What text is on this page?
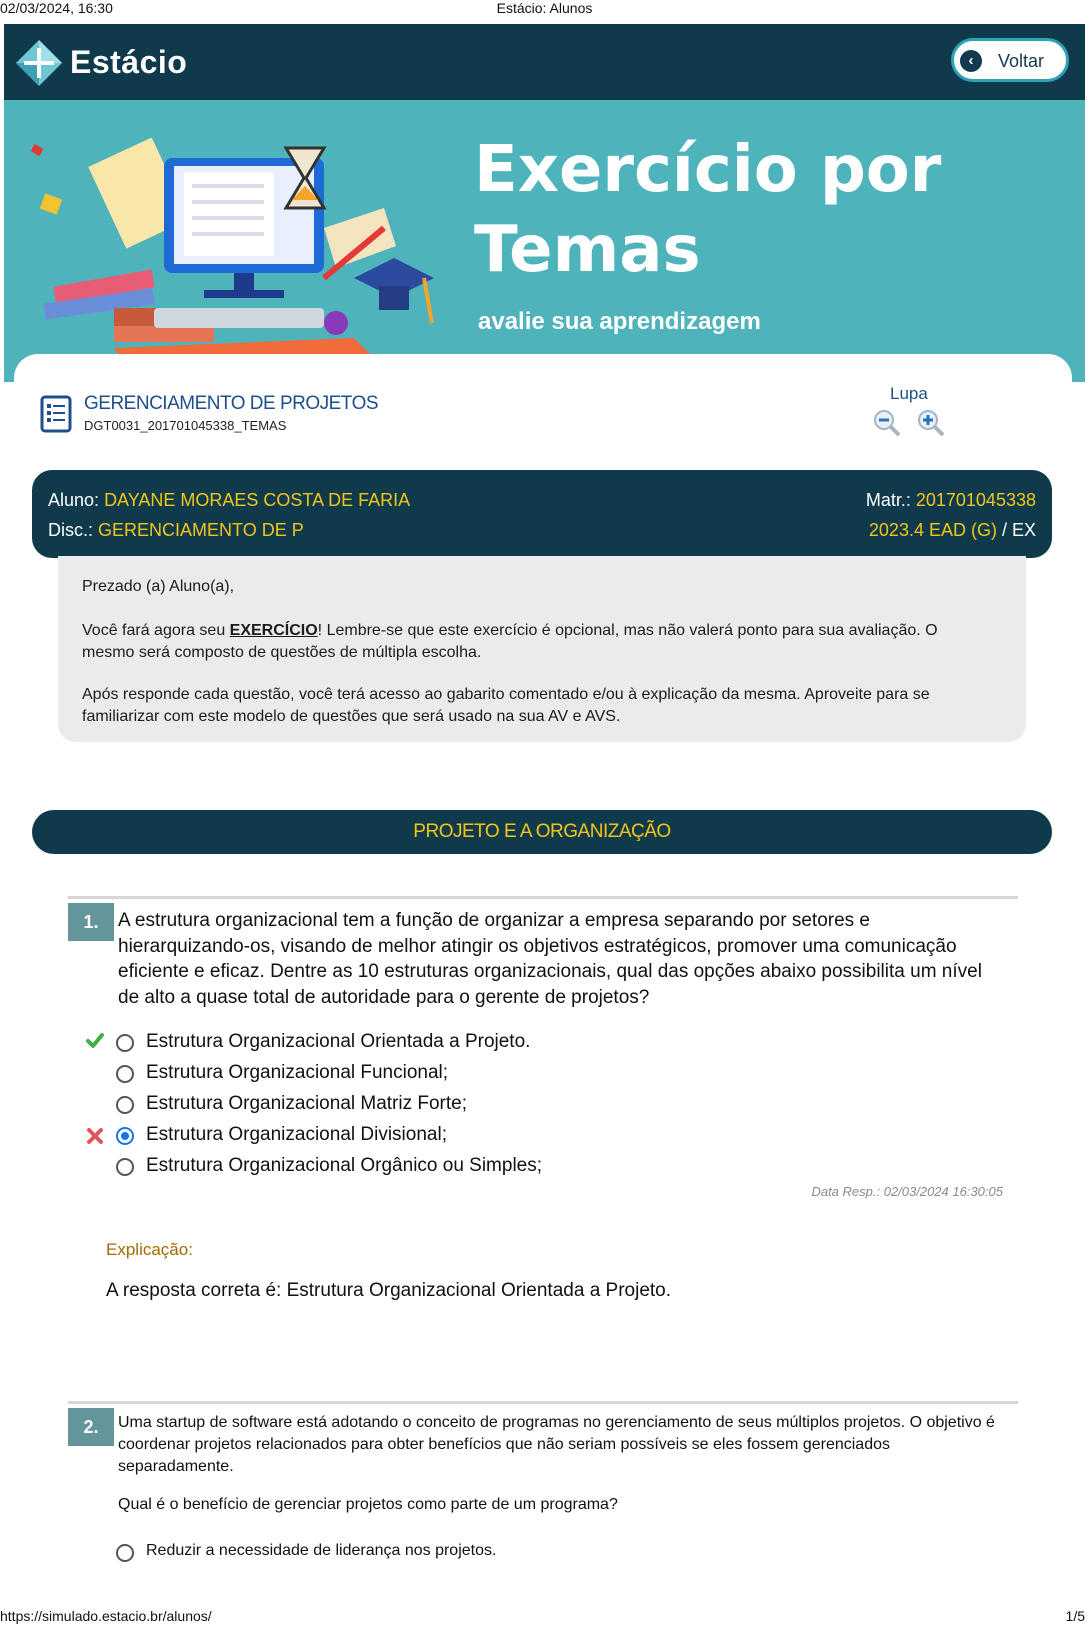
02/03/2024, 16:30	Estácio: Alunos
Estácio	‹	Voltar
Exercício por
Temas
avalie sua aprendizagem
GERENCIAMENTO DE PROJETOS
DGT0031_201701045338_TEMAS
Lupa
Aluno: DAYANE MORAES COSTA DE FARIA
Disc.: GERENCIAMENTO DE P
Matr.: 201701045338
2023.4 EAD (G) / EX

Prezado (a) Aluno(a),

Você fará agora seu EXERCÍCIO! Lembre-se que este exercício é opcional, mas não valerá ponto para sua avaliação. O mesmo será composto de questões de múltipla escolha.

Após responde cada questão, você terá acesso ao gabarito comentado e/ou à explicação da mesma. Aproveite para se familiarizar com este modelo de questões que será usado na sua AV e AVS.

PROJETO E A ORGANIZAÇÃO
1.	A estrutura organizacional tem a função de organizar a empresa separando por setores e hierarquizando-os, visando de melhor atingir os objetivos estratégicos, promover uma comunicação eficiente e eficaz. Dentre as 10 estruturas organizacionais, qual das opções abaixo possibilita um nível de alto a quase total de autoridade para o gerente de projetos?
Estrutura Organizacional Orientada a Projeto.
Estrutura Organizacional Funcional;
Estrutura Organizacional Matriz Forte;
Estrutura Organizacional Divisional;
Estrutura Organizacional Orgânico ou Simples;
Data Resp.: 02/03/2024 16:30:05
Explicação:
A resposta correta é: Estrutura Organizacional Orientada a Projeto.
2.	Uma startup de software está adotando o conceito de programas no gerenciamento de seus múltiplos projetos. O objetivo é coordenar projetos relacionados para obter benefícios que não seriam possíveis se eles fossem gerenciados separadamente.
Qual é o benefício de gerenciar projetos como parte de um programa?
Reduzir a necessidade de liderança nos projetos.
https://simulado.estacio.br/alunos/	1/5
